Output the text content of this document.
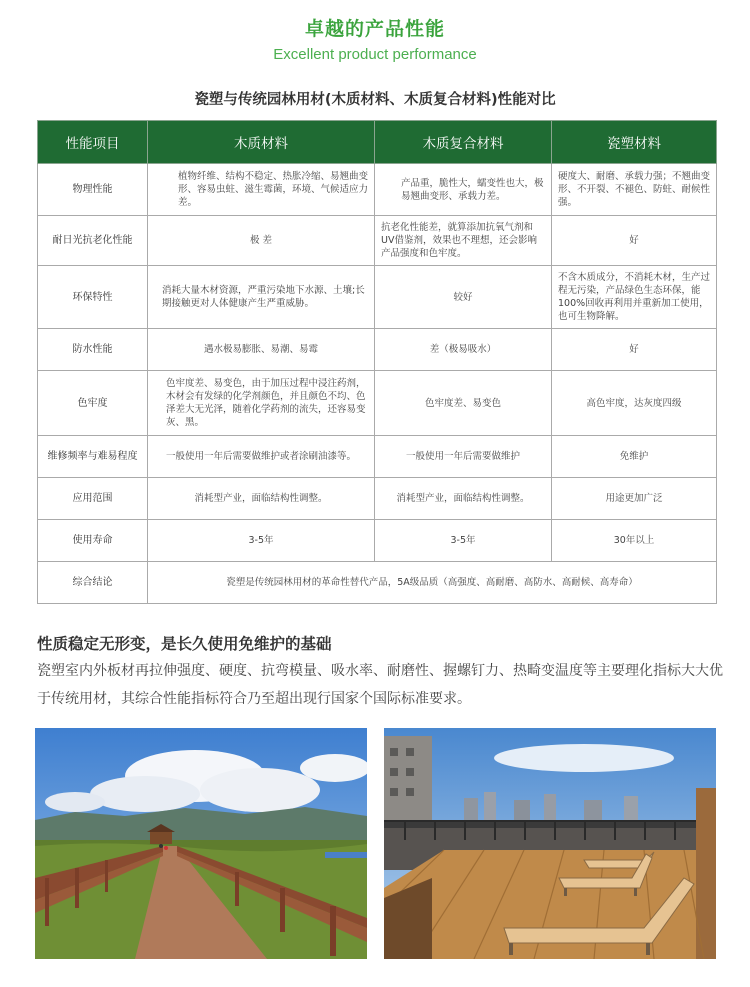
卓越的产品性能
Excellent product performance
瓷塑与传统园林用材(木质材料、木质复合材料)性能对比
性能项目	木质材料	木质复合材料	瓷塑材料
物理性能	植物纤维、结构不稳定、热胀冷缩、易翘曲变形、容易虫蛀、滋生霉菌，环境、气候适应力差。	产品重，脆性大，蠕变性也大，极易翘曲变形、承载力差。	硬度大、耐磨、承载力强；不翘曲变形、不开裂、不褪色、防蛀、耐候性强。
耐日光抗老化性能	极 差	抗老化性能差，就算添加抗氧气剂和UV借鉴剂，效果也不理想，还会影响产品强度和色牢度。	好
环保特性	消耗大量木材资源，严重污染地下水源、土壤;长期接触更对人体健康产生严重威胁。	较好	不含木质成分，不消耗木材，生产过程无污染，产品绿色生态环保，能100%回收再利用并重新加工使用，也可生物降解。
防水性能	遇水极易膨胀、易潮、易霉	差（极易吸水）	好
色牢度	色牢度差、易变色，由于加压过程中浸注药剂，木材会有发绿的化学剂颜色，并且颜色不均、色泽差大无光泽，随着化学药剂的流失，还容易变灰、黑。	色牢度差、易变色	高色牢度，达灰度四级
维修频率与难易程度	一般使用一年后需要做维护或者涂刷油漆等。	一般使用一年后需要做维护	免维护
应用范围	消耗型产业，面临结构性调整。	消耗型产业，面临结构性调整。	用途更加广泛
使用寿命	3-5年	3-5年	30年以上
综合结论	瓷塑是传统园林用材的革命性替代产品，5A级品质（高强度、高耐磨、高防水、高耐候、高寿命）		
性质稳定无形变，是长久使用免维护的基础
瓷塑室内外板材再拉伸强度、硬度、抗弯模量、吸水率、耐磨性、握螺钉力、热畸变温度等主要理化指标大大优于传统用材，其综合性能指标符合乃至超出现行国家个国际标准要求。
